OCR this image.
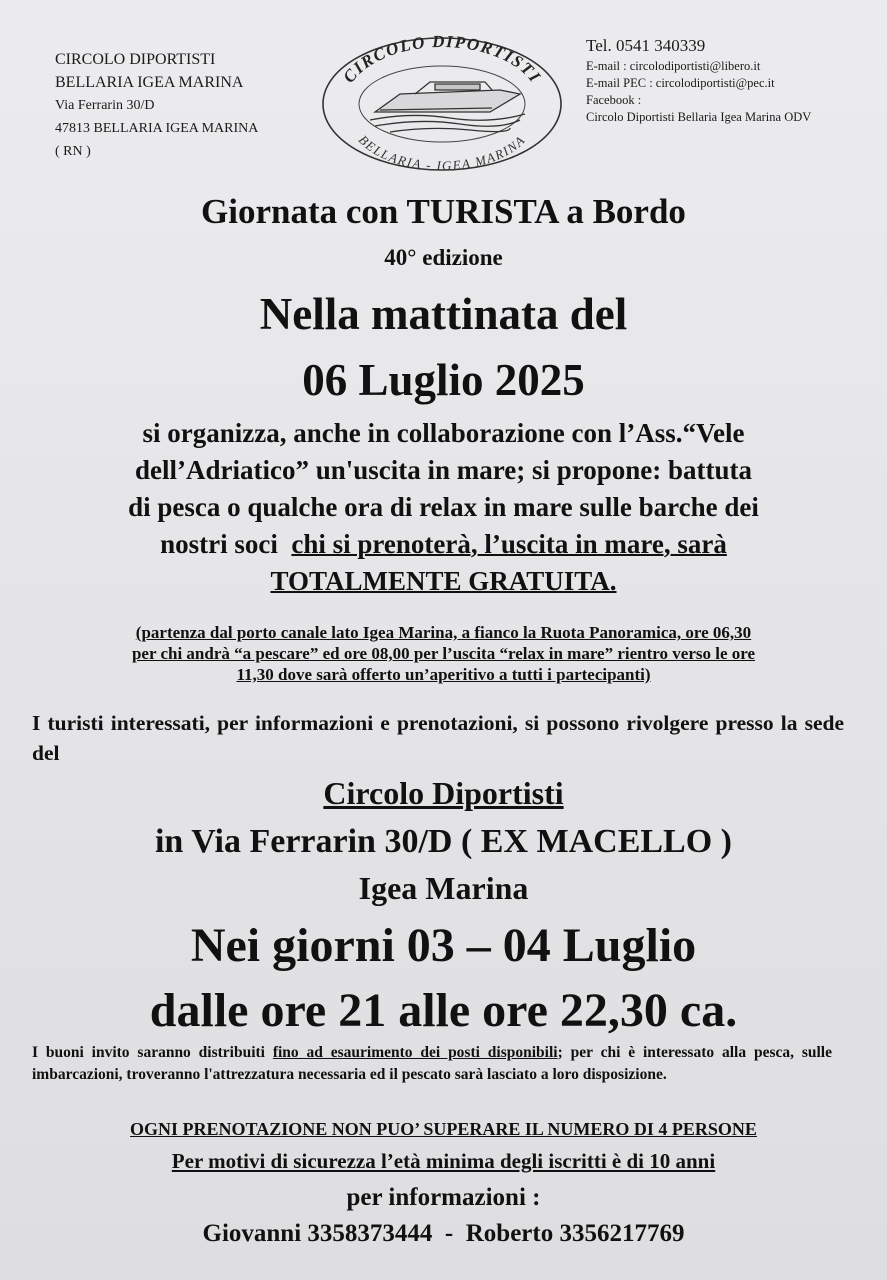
CIRCOLO DIPORTISTI
BELLARIA IGEA MARINA
Via Ferrarin 30/D
47813 BELLARIA IGEA MARINA
( RN )
CIRCOLO DIPORTISTI
BELLARIA - IGEA MARINA
Tel. 0541 340339
E-mail : circolodiportisti@libero.it
E-mail PEC : circolodiportisti@pec.it
Facebook :
Circolo Diportisti Bellaria Igea Marina ODV
Giornata con TURISTA a Bordo
40° edizione
Nella mattinata del
06 Luglio 2025
si organizza, anche in collaborazione con l’Ass.“Vele
dell’Adriatico” un'uscita in mare; si propone: battuta
di pesca o qualche ora di relax in mare sulle barche dei
nostri soci chi si prenoterà, l’uscita in mare, sarà
TOTALMENTE GRATUITA.
(partenza dal porto canale lato Igea Marina, a fianco la Ruota Panoramica, ore 06,30
per chi andrà “a pescare” ed ore 08,00 per l’uscita “relax in mare” rientro verso le ore
11,30 dove sarà offerto un’aperitivo a tutti i partecipanti)
I turisti interessati, per informazioni e prenotazioni, si possono rivolgere presso la sede del
Circolo Diportisti
in Via Ferrarin 30/D ( EX MACELLO )
Igea Marina
Nei giorni 03 – 04 Luglio
dalle ore 21 alle ore 22,30 ca.
I buoni invito saranno distribuiti fino ad esaurimento dei posti disponibili; per chi è interessato alla pesca, sulle imbarcazioni, troveranno l'attrezzatura necessaria ed il pescato sarà lasciato a loro disposizione.
OGNI PRENOTAZIONE NON PUO’ SUPERARE IL NUMERO DI 4 PERSONE
Per motivi di sicurezza l’età minima degli iscritti è di 10 anni
per informazioni :
Giovanni 3358373444  -  Roberto 3356217769
